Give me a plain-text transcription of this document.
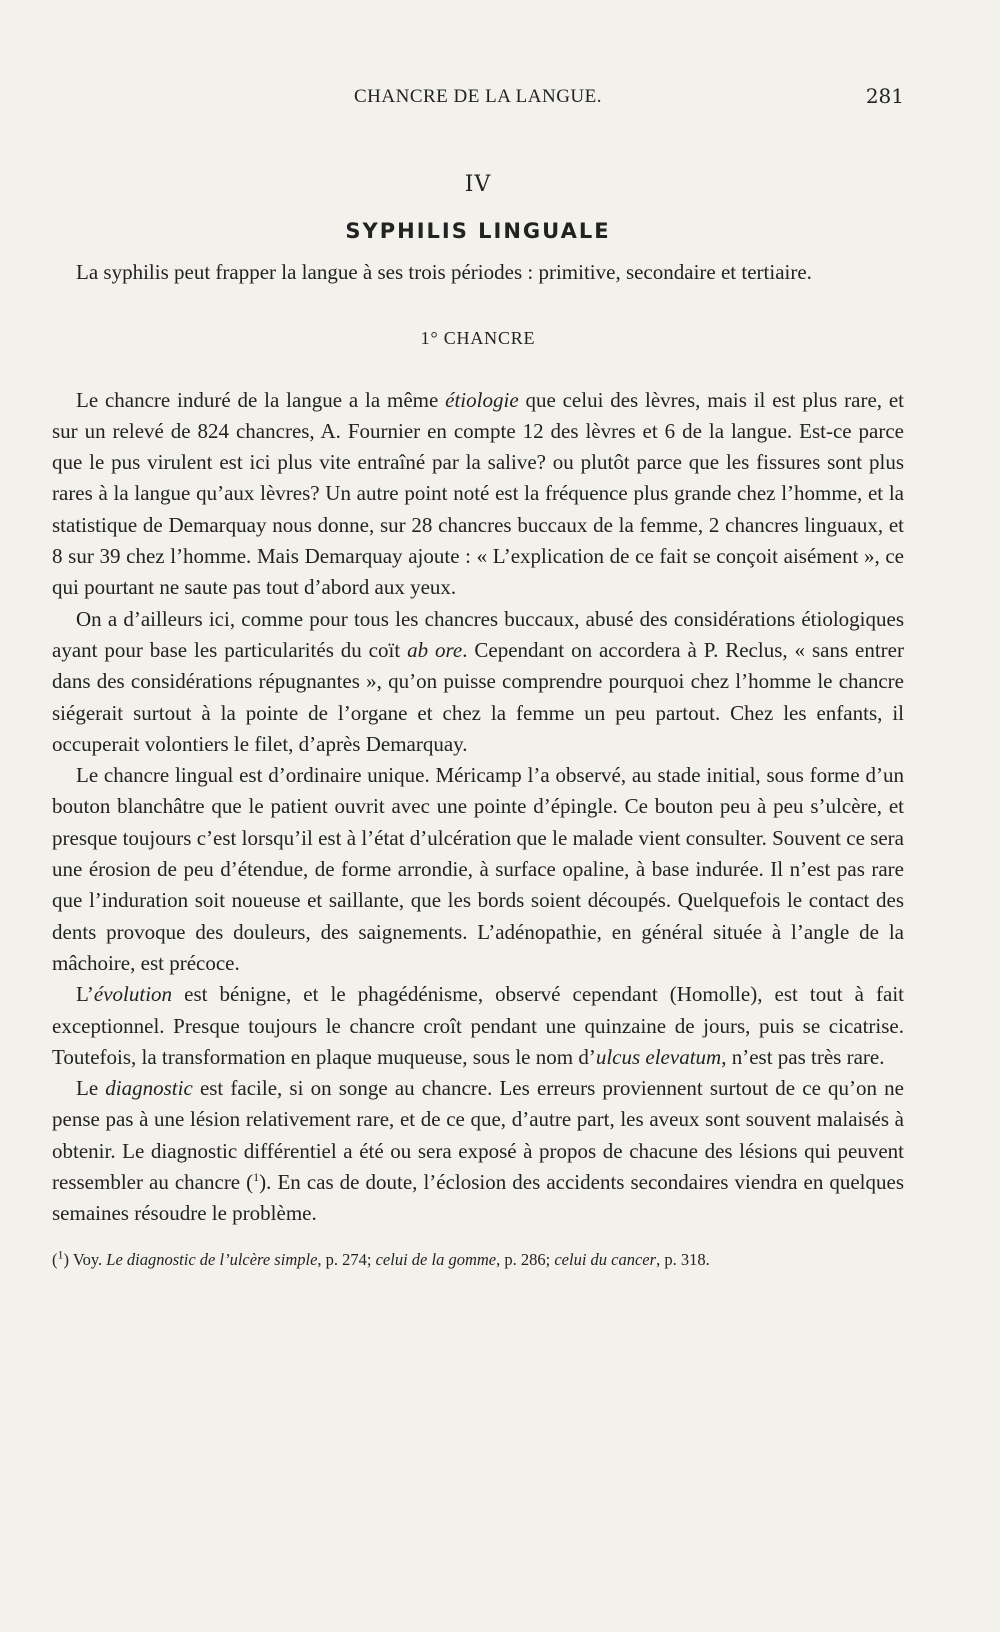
CHANCRE DE LA LANGUE.	281
IV
SYPHILIS LINGUALE

La syphilis peut frapper la langue à ses trois périodes : primitive, secondaire et tertiaire.

1° CHANCRE

Le chancre induré de la langue a la même étiologie que celui des lèvres, mais il est plus rare, et sur un relevé de 824 chancres, A. Fournier en compte 12 des lèvres et 6 de la langue. Est-ce parce que le pus virulent est ici plus vite entraîné par la salive? ou plutôt parce que les fissures sont plus rares à la langue qu’aux lèvres? Un autre point noté est la fréquence plus grande chez l’homme, et la statistique de Demarquay nous donne, sur 28 chancres buccaux de la femme, 2 chancres linguaux, et 8 sur 39 chez l’homme. Mais Demarquay ajoute : « L’explication de ce fait se conçoit aisément », ce qui pourtant ne saute pas tout d’abord aux yeux.

On a d’ailleurs ici, comme pour tous les chancres buccaux, abusé des considérations étiologiques ayant pour base les particularités du coït ab ore. Cependant on accordera à P. Reclus, « sans entrer dans des considérations répugnantes », qu’on puisse comprendre pourquoi chez l’homme le chancre siégerait surtout à la pointe de l’organe et chez la femme un peu partout. Chez les enfants, il occuperait volontiers le filet, d’après Demarquay.

Le chancre lingual est d’ordinaire unique. Méricamp l’a observé, au stade initial, sous forme d’un bouton blanchâtre que le patient ouvrit avec une pointe d’épingle. Ce bouton peu à peu s’ulcère, et presque toujours c’est lorsqu’il est à l’état d’ulcération que le malade vient consulter. Souvent ce sera une érosion de peu d’étendue, de forme arrondie, à surface opaline, à base indurée. Il n’est pas rare que l’induration soit noueuse et saillante, que les bords soient découpés. Quelquefois le contact des dents provoque des douleurs, des saignements. L’adénopathie, en général située à l’angle de la mâchoire, est précoce.

L’évolution est bénigne, et le phagédénisme, observé cependant (Homolle), est tout à fait exceptionnel. Presque toujours le chancre croît pendant une quinzaine de jours, puis se cicatrise. Toutefois, la transformation en plaque muqueuse, sous le nom d’ulcus elevatum, n’est pas très rare.

Le diagnostic est facile, si on songe au chancre. Les erreurs proviennent surtout de ce qu’on ne pense pas à une lésion relativement rare, et de ce que, d’autre part, les aveux sont souvent malaisés à obtenir. Le diagnostic différentiel a été ou sera exposé à propos de chacune des lésions qui peuvent ressembler au chancre ($^1$). En cas de doute, l’éclosion des accidents secondaires viendra en quelques semaines résoudre le problème.

($^1$) Voy. Le diagnostic de l’ulcère simple, p. 274; celui de la gomme, p. 286; celui du cancer, p. 318.
